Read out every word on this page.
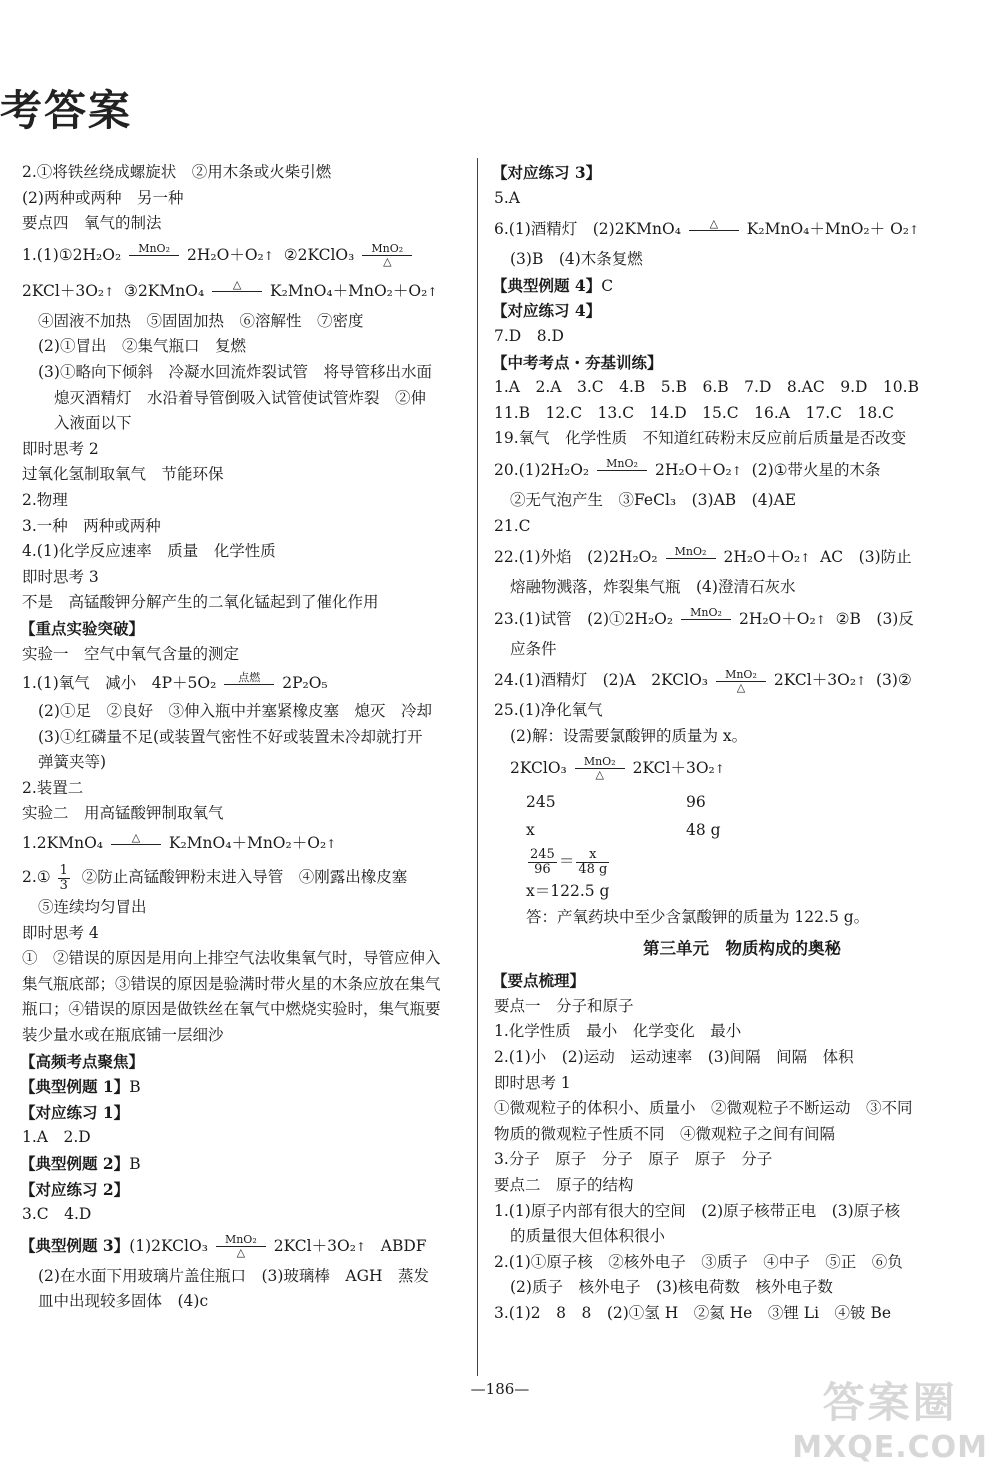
考答案
2.①将铁丝绕成螺旋状　②用木条或火柴引燃
(2)两种或两种　另一种
要点四　氧气的制法
1.(1)①2H₂O₂	MnO₂
	2H₂O＋O₂↑ ②2KClO₃	MnO₂
△
2KCl＋3O₂↑ ③2KMnO₄	△
	K₂MnO₄＋MnO₂＋O₂↑
④固液不加热　⑤固固加热　⑥溶解性　⑦密度
(2)①冒出　②集气瓶口　复燃
(3)①略向下倾斜　冷凝水回流炸裂试管　将导管移出水面
熄灭酒精灯　水沿着导管倒吸入试管使试管炸裂　②伸
入液面以下
即时思考 2
过氧化氢制取氧气　节能环保
2.物理
3.一种　两种或两种
4.(1)化学反应速率　质量　化学性质
即时思考 3
不是　高锰酸钾分解产生的二氧化锰起到了催化作用
【重点实验突破】
实验一　空气中氧气含量的测定
1.(1)氧气　减小　4P＋5O₂	点燃
	2P₂O₅
(2)①足　②良好　③伸入瓶中并塞紧橡皮塞　熄灭　冷却
(3)①红磷量不足(或装置气密性不好或装置未冷却就打开
弹簧夹等)
2.装置二
实验二　用高锰酸钾制取氧气
1.2KMnO₄	△
	K₂MnO₄＋MnO₂＋O₂↑
2.① $\frac{1}{3}$ ②防止高锰酸钾粉末进入导管　④刚露出橡皮塞
⑤连续均匀冒出
即时思考 4
①　②错误的原因是用向上排空气法收集氧气时，导管应伸入
集气瓶底部；③错误的原因是验满时带火星的木条应放在集气
瓶口；④错误的原因是做铁丝在氧气中燃烧实验时，集气瓶要
装少量水或在瓶底铺一层细沙
【高频考点聚焦】
【典型例题 1】B
【对应练习 1】
1.A　2.D
【典型例题 2】B
【对应练习 2】
3.C　4.D
【典型例题 3】(1)2KClO₃	MnO₂
△	2KCl＋3O₂↑ ABDF
(2)在水面下用玻璃片盖住瓶口　(3)玻璃棒　AGH　蒸发
皿中出现较多固体　(4)c
【对应练习 3】
5.A
6.(1)酒精灯　(2)2KMnO₄	△
	K₂MnO₄＋MnO₂＋ O₂↑
(3)B　(4)木条复燃
【典型例题 4】C
【对应练习 4】
7.D　8.D
【中考考点・夯基训练】
1.A　2.A　3.C　4.B　5.B　6.B　7.D　8.AC　9.D　10.B
11.B　12.C　13.C　14.D　15.C　16.A　17.C　18.C
19.氧气　化学性质　不知道红砖粉末反应前后质量是否改变
20.(1)2H₂O₂	MnO₂
	2H₂O＋O₂↑ (2)①带火星的木条
②无气泡产生　③FeCl₃　(3)AB　(4)AE
21.C
22.(1)外焰　(2)2H₂O₂	MnO₂
	2H₂O＋O₂↑ AC　(3)防止
熔融物溅落，炸裂集气瓶　(4)澄清石灰水
23.(1)试管　(2)①2H₂O₂	MnO₂
	2H₂O＋O₂↑ ②B　(3)反
应条件
24.(1)酒精灯　(2)A　2KClO₃	MnO₂
△	2KCl＋3O₂↑ (3)②
25.(1)净化氧气
(2)解：设需要氯酸钾的质量为 x。
2KClO₃	MnO₂
△	2KCl＋3O₂↑
245	96
x	48 g
$\frac{245}{96} = \frac{x}{48 g}$
x＝122.5 g
答：产氧药块中至少含氯酸钾的质量为 122.5 g。
第三单元　物质构成的奥秘
【要点梳理】
要点一　分子和原子
1.化学性质　最小　化学变化　最小
2.(1)小　(2)运动　运动速率　(3)间隔　间隔　体积
即时思考 1
①微观粒子的体积小、质量小　②微观粒子不断运动　③不同
物质的微观粒子性质不同　④微观粒子之间有间隔
3.分子　原子　分子　原子　原子　分子
要点二　原子的结构
1.(1)原子内部有很大的空间　(2)原子核带正电　(3)原子核
的质量很大但体积很小
2.(1)①原子核　②核外电子　③质子　④中子　⑤正　⑥负
(2)质子　核外电子　(3)核电荷数　核外电子数
3.(1)2　8　8　(2)①氢 H　②氦 He　③锂 Li　④铍 Be
—186—	答案圈
MXQE.COM
